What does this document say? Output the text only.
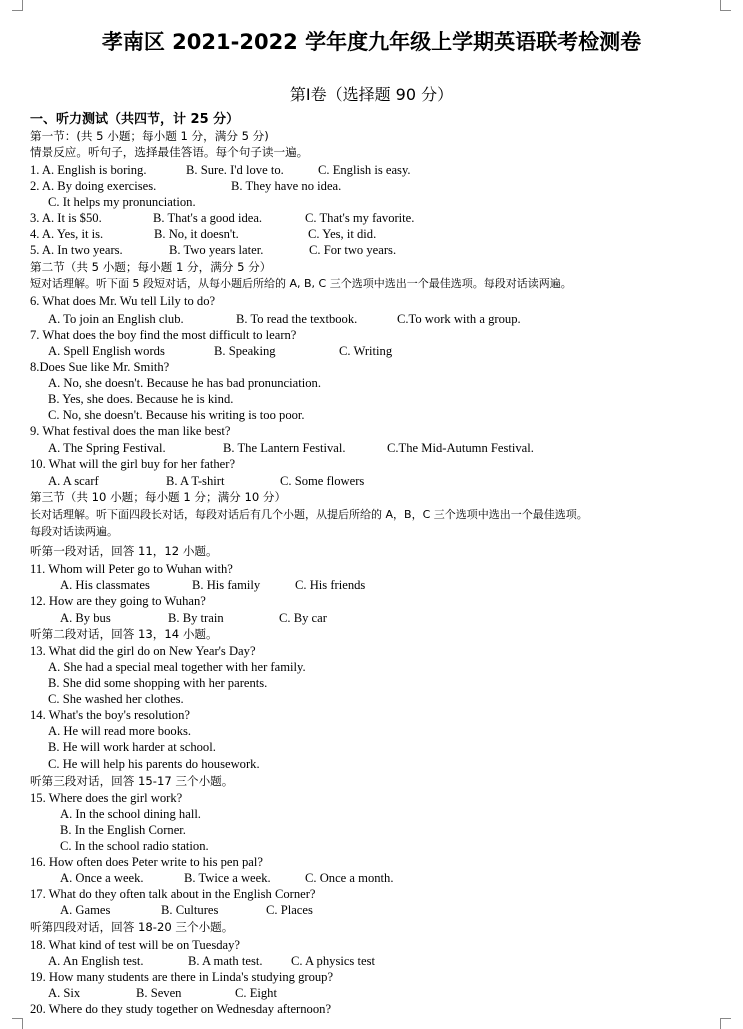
孝南区 2021-2022 学年度九年级上学期英语联考检测卷
第Ⅰ卷（选择题 90 分）
一、听力测试（共四节，计 25 分）
第一节：(共 5 小题；每小题 1 分，满分 5 分)
情景反应。听句子，选择最佳答语。每个句子读一遍。
1. A. English is boring.	B. Sure. I'd love to.	C. English is easy.
2. A. By doing exercises.	B. They have no idea.
C. It helps my pronunciation.
3. A. It is $50.	B. That's a good idea.	C. That's my favorite.
4. A. Yes, it is.	B. No, it doesn't.	C. Yes, it did.
5. A. In two years.	B. Two years later.	C. For two years.
第二节（共 5 小题；每小题 1 分，满分 5 分）
短对话理解。听下面 5 段短对话，从每小题后所给的 A, B, C 三个选项中选出一个最佳选项。每段对话读两遍。
6. What does Mr. Wu tell Lily to do?
A. To join an English club.	B. To read the textbook.	C.To work with a group.
7. What does the boy find the most difficult to learn?
A. Spell English words	B. Speaking	C. Writing
8.Does Sue like Mr. Smith?
A. No, she doesn't. Because he has bad pronunciation.
B. Yes, she does. Because he is kind.
C. No, she doesn't. Because his writing is too poor.
9. What festival does the man like best?
A. The Spring Festival.	B. The Lantern Festival.	C.The Mid-Autumn Festival.
10. What will the girl buy for her father?
A. A scarf	B. A T-shirt	C. Some flowers
第三节（共 10 小题；每小题 1 分；满分 10 分）
长对话理解。听下面四段长对话，每段对话后有几个小题，从提后所给的 A，B，C 三个选项中选出一个最佳选项。
每段对话读两遍。
听第一段对话，回答 11，12 小题。
11. Whom will Peter go to Wuhan with?
A. His classmates	B. His family	C. His friends
12. How are they going to Wuhan?
A. By bus	B. By train	C. By car
听第二段对话，回答 13，14 小题。
13. What did the girl do on New Year's Day?
A. She had a special meal together with her family.
B. She did some shopping with her parents.
C. She washed her clothes.
14. What's the boy's resolution?
A. He will read more books.
B. He will work harder at school.
C. He will help his parents do housework.
听第三段对话，回答 15-17 三个小题。
15. Where does the girl work?
A. In the school dining hall.
B. In the English Corner.
C. In the school radio station.
16. How often does Peter write to his pen pal?
A. Once a week.	B. Twice a week.	C. Once a month.
17. What do they often talk about in the English Corner?
A. Games	B. Cultures	C. Places
听第四段对话，回答 18-20 三个小题。
18. What kind of test will be on Tuesday?
A. An English test.	B. A math test. C. A physics test
19. How many students are there in Linda's studying group?
A. Six	B. Seven	C. Eight
20. Where do they study together on Wednesday afternoon?
